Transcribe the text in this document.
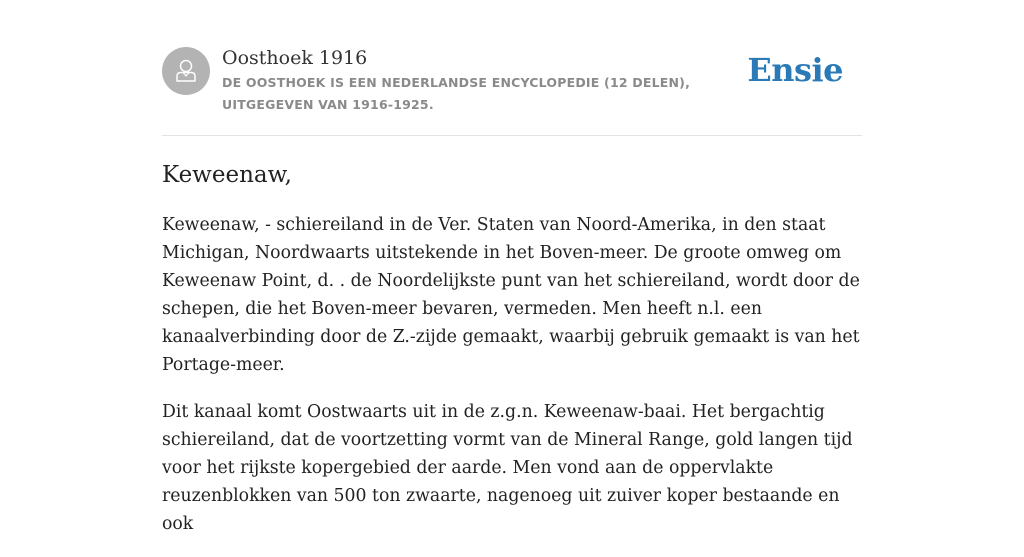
Oosthoek 1916

DE OOSTHOEK IS EEN NEDERLANDSE ENCYCLOPEDIE (12 DELEN), UITGEGEVEN VAN 1916-1925.

Ensie
Keweenaw,

Keweenaw, - schiereiland in de Ver. Staten van Noord-Amerika, in den staat Michigan, Noordwaarts uitstekende in het Boven-meer. De groote omweg om Keweenaw Point, d. . de Noordelijkste punt van het schiereiland, wordt door de schepen, die het Boven-meer bevaren, vermeden. Men heeft n.l. een kanaalverbinding door de Z.-zijde gemaakt, waarbij gebruik gemaakt is van het Portage-meer.

Dit kanaal komt Oostwaarts uit in de z.g.n. Keweenaw-baai. Het bergachtig schiereiland, dat de voortzetting vormt van de Mineral Range, gold langen tijd voor het rijkste kopergebied der aarde. Men vond aan de oppervlakte reuzenblokken van 500 ton zwaarte, nagenoeg uit zuiver koper bestaande en ook
